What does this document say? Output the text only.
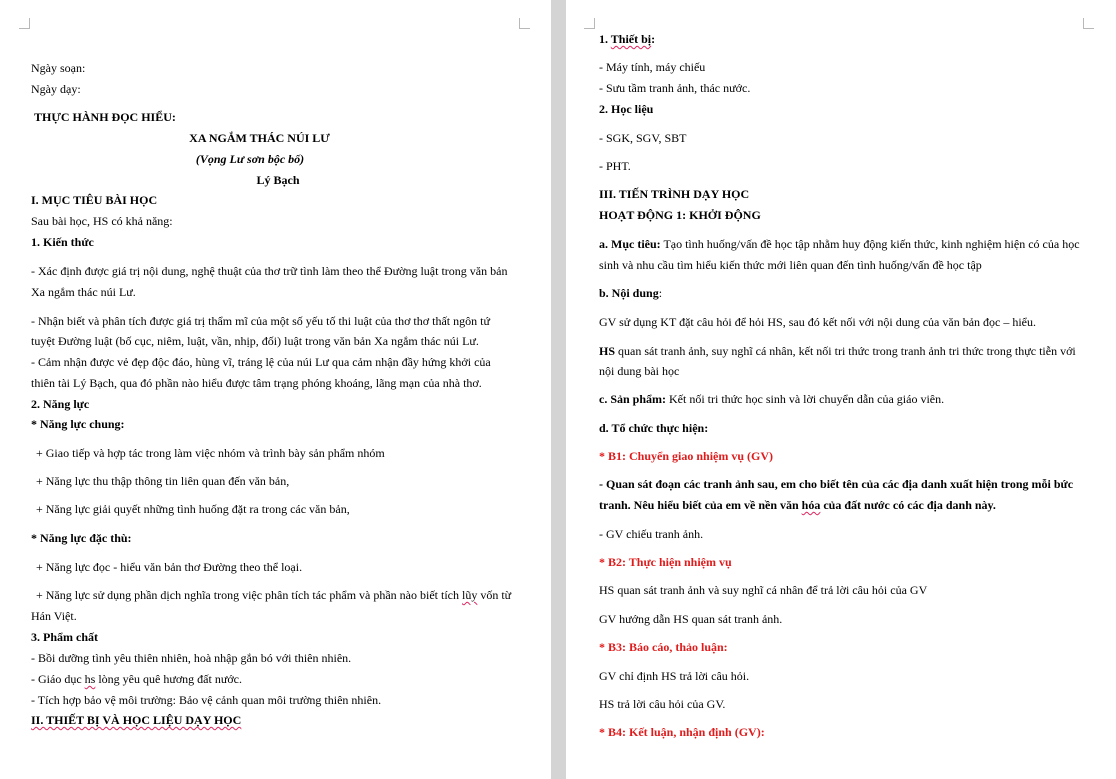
Ngày soạn:
Ngày dạy:
THỰC HÀNH ĐỌC HIỂU:
XA NGẮM THÁC NÚI LƯ
(Vọng Lư sơn bộc bố)
Lý Bạch
I. MỤC TIÊU BÀI HỌC
Sau bài học, HS có khả năng:
1. Kiến thức
- Xác định được giá trị nội dung, nghệ thuật của thơ trữ tình làm theo thể Đường luật trong văn bản
Xa ngắm thác núi Lư.
- Nhận biết và phân tích được giá trị thẩm mĩ của một số yếu tố thi luật của thơ thơ thất ngôn tứ
tuyệt Đường luật (bố cục, niêm, luật, vần, nhịp, đối) luật trong văn bản Xa ngắm thác núi Lư.
- Cảm nhận được vẻ đẹp độc đáo, hùng vĩ, tráng lệ của núi Lư qua cảm nhận đầy hứng khởi của
thiên tài Lý Bạch, qua đó phần nào hiểu được tâm trạng phóng khoáng, lãng mạn của nhà thơ.
2. Năng lực
* Năng lực chung:
+ Giao tiếp và hợp tác trong làm việc nhóm và trình bày sản phẩm nhóm
+ Năng lực thu thập thông tin liên quan đến văn bản,
+ Năng lực giải quyết những tình huống đặt ra trong các văn bản,
* Năng lực đặc thù:
+ Năng lực đọc - hiểu văn bản thơ Đường theo thể loại.
+ Năng lực sử dụng phần dịch nghĩa trong việc phân tích tác phẩm và phần nào biết tích lũy vốn từ
Hán Việt.
3. Phẩm chất
- Bồi dưỡng tình yêu thiên nhiên, hoà nhập gắn bó với thiên nhiên.
- Giáo dục hs lòng yêu quê hương đất nước.
- Tích hợp bảo vệ môi trường: Bảo vệ cảnh quan môi trường thiên nhiên.
II. THIẾT BỊ VÀ HỌC LIỆU DẠY HỌC
1. Thiết bị:
- Máy tính, máy chiếu
- Sưu tầm tranh ảnh, thác nước.
2. Học liệu
- SGK, SGV, SBT
- PHT.
III. TIẾN TRÌNH DẠY HỌC
HOẠT ĐỘNG 1: KHỞI ĐỘNG
a. Mục tiêu: Tạo tình huống/vấn đề học tập nhằm huy động kiến thức, kinh nghiệm hiện có của học
sinh và nhu cầu tìm hiểu kiến thức mới liên quan đến tình huống/vấn đề học tập
b. Nội dung:
GV sử dụng KT đặt câu hỏi để hỏi HS, sau đó kết nối với nội dung của văn bản đọc – hiểu.
HS quan sát tranh ảnh, suy nghĩ cá nhân, kết nối tri thức trong tranh ảnh tri thức trong thực tiễn với
nội dung bài học
c. Sản phẩm: Kết nối tri thức học sinh và lời chuyển dẫn của giáo viên.
d. Tổ chức thực hiện:
* B1: Chuyển giao nhiệm vụ (GV)
- Quan sát đoạn các tranh ảnh sau, em cho biết tên của các địa danh xuất hiện trong mỗi bức
tranh. Nêu hiểu biết của em về nền văn hóa của đất nước có các địa danh này.
- GV chiếu tranh ảnh.
* B2: Thực hiện nhiệm vụ
HS quan sát tranh ảnh và suy nghĩ cá nhân để trả lời câu hỏi của GV
GV hướng dẫn HS quan sát tranh ảnh.
* B3: Báo cáo, thảo luận:
GV chỉ định HS trả lời câu hỏi.
HS trả lời câu hỏi của GV.
* B4: Kết luận, nhận định (GV):
